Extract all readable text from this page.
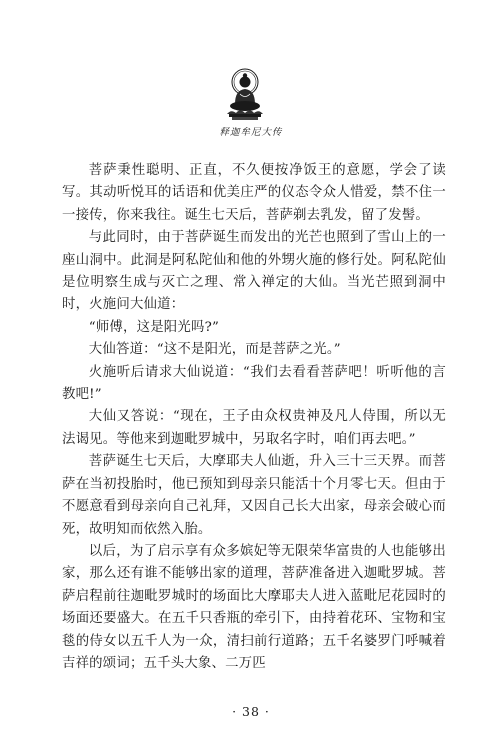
释迦牟尼大传

菩萨秉性聪明、正直，不久便按净饭王的意愿，学会了读写。其动听悦耳的话语和优美庄严的仪态令众人惜爱，禁不住一一接传，你来我往。诞生七天后，菩萨剃去乳发，留了发髻。

与此同时，由于菩萨诞生而发出的光芒也照到了雪山上的一座山洞中。此洞是阿私陀仙和他的外甥火施的修行处。阿私陀仙是位明察生成与灭亡之理、常入禅定的大仙。当光芒照到洞中时，火施问大仙道：

“师傅，这是阳光吗?”

大仙答道：“这不是阳光，而是菩萨之光。”

火施听后请求大仙说道：“我们去看看菩萨吧！听听他的言教吧!”

大仙又答说：“现在，王子由众权贵神及凡人侍围，所以无法谒见。等他来到迦毗罗城中，另取名字时，咱们再去吧。”

菩萨诞生七天后，大摩耶夫人仙逝，升入三十三天界。而菩萨在当初投胎时，他已预知到母亲只能活十个月零七天。但由于不愿意看到母亲向自己礼拜，又因自己长大出家，母亲会破心而死，故明知而依然入胎。

以后，为了启示享有众多嫔妃等无限荣华富贵的人也能够出家，那么还有谁不能够出家的道理，菩萨准备进入迦毗罗城。菩萨启程前往迦毗罗城时的场面比大摩耶夫人进入蓝毗尼花园时的场面还要盛大。在五千只香瓶的牵引下，由持着花环、宝物和宝毯的侍女以五千人为一众，清扫前行道路；五千名婆罗门呼喊着吉祥的颂词；五千头大象、二万匹

· 38 ·
